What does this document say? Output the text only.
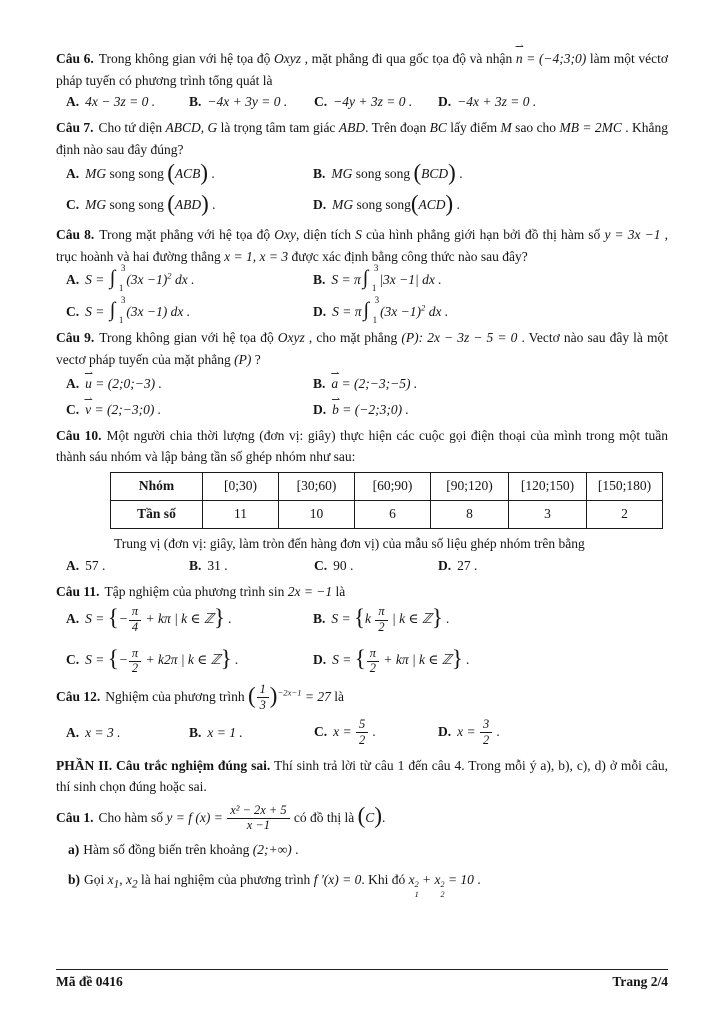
Câu 6. Trong không gian với hệ tọa độ Oxyz , mặt phẳng đi qua gốc tọa độ và nhận n
⇀
= (−4;3;0) làm một véctơ pháp tuyến có phương trình tổng quát là

A. 4x − 3z = 0 .	B. −4x + 3y = 0 .	C. −4y + 3z = 0 .	D. −4x + 3z = 0 .

Câu 7. Cho tứ diện ABCD, G là trọng tâm tam giác ABD. Trên đoạn BC lấy điểm M sao cho MB = 2MC . Khẳng định nào sau đây đúng?

A. MG song song (ACB) .	B. MG song song (BCD) .
C. MG song song (ABD) .	D. MG song song(ACD) .

Câu 8. Trong mặt phẳng với hệ tọa độ Oxy, diện tích S của hình phẳng giới hạn bởi đồ thị hàm số y = 3x −1 , trục hoành và hai đường thẳng x = 1, x = 3 được xác định bằng công thức nào sau đây?

A. S = ∫ 3
1
$(3x -1)^2$ dx .	B. S = π∫ 3
1
|3x −1| dx .
C. S = ∫ 3
1
(3x −1) dx .	D. S = π∫ 3
1
$(3x -1)^2$ dx .

Câu 9. Trong không gian với hệ tọa độ Oxyz , cho mặt phẳng (P): 2x − 3z − 5 = 0 . Vectơ nào sau đây là một vectơ pháp tuyến của mặt phẳng (P) ?

A. u
⇀
= (2;0;−3) .	B. a
⇀
= (2;−3;−5) .
C. v
⇀
= (2;−3;0) .	D. b
⇀
= (−2;3;0) .

Câu 10. Một người chia thời lượng (đơn vị: giây) thực hiện các cuộc gọi điện thoại của mình trong một tuần thành sáu nhóm và lập bảng tần số ghép nhóm như sau:

Nhóm	[0;30)	[30;60)	[60;90)	[90;120)	[120;150)	[150;180)
Tần số	11	10	6	8	3	2

Trung vị (đơn vị: giây, làm tròn đến hàng đơn vị) của mẫu số liệu ghép nhóm trên bằng

A. 57 .	B. 31 .	C. 90 .	D. 27 .

Câu 11. Tập nghiệm của phương trình sin 2x = −1 là

A. S = {− $\frac{\pi}{4} + k\pi$ | k ∈ ℤ} .	B. $S = \{k \frac{\pi}{2}$ | k ∈ ℤ} .
C. S = {− $\frac{\pi}{2} + k2\pi$ | k ∈ ℤ} .	D. S = { $\frac{\pi}{2} + k\pi$ | k ∈ ℤ} .

Câu 12. Nghiệm của phương trình ( $\frac{1}{3} )^{-2x-1} = 27$ là

A. x = 3 .	B. x = 1 .	C. $x = \frac{5}{2}$ .	D. $x = \frac{3}{2}$ .

PHẦN II. Câu trắc nghiệm đúng sai. Thí sinh trả lời từ câu 1 đến câu 4. Trong mỗi ý a), b), c), d) ở mỗi câu, thí sinh chọn đúng hoặc sai.

Câu 1. Cho hàm số y = f $(x) = \frac{\text{x² − 2x + 5}}{x -1}$ có đồ thị là (C).

a) Hàm số đồng biến trên khoảng (2;+∞) .

b) Gọi $x_1$, $x_2$ là hai nghiệm của phương trình f ′(x) = 0. Khi đó x 2
1
+ x 2
2
= 10 .

Mã đề 0416	Trang 2/4
